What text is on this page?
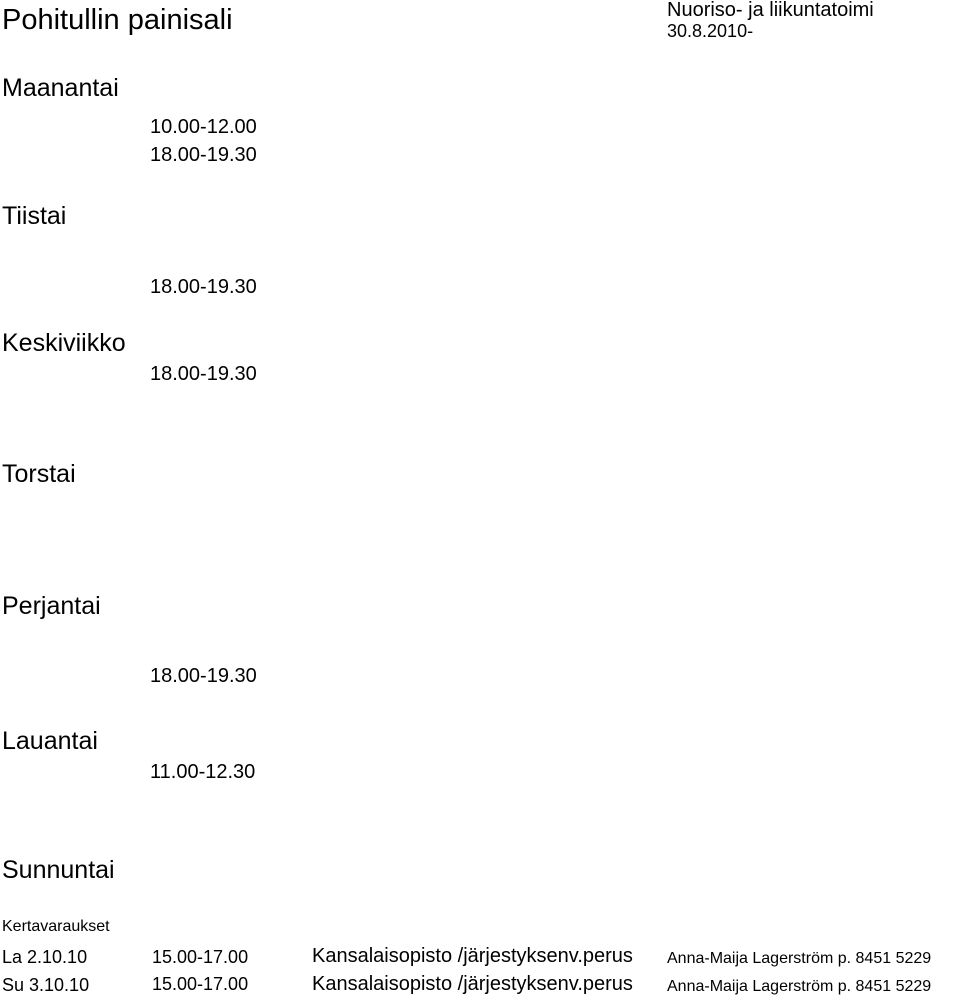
Pohitullin painisali	Nuoriso- ja liikuntatoimi
30.8.2010-
Maanantai
10.00-12.00
18.00-19.30
Tiistai
18.00-19.30
Keskiviikko
18.00-19.30
Torstai
Perjantai
18.00-19.30
Lauantai
11.00-12.30
Sunnuntai
Kertavaraukset
La 2.10.10	15.00-17.00	Kansalaisopisto /järjestyksenv.perus	Anna-Maija Lagerström p. 8451 5229
Su 3.10.10	15.00-17.00	Kansalaisopisto /järjestyksenv.perus	Anna-Maija Lagerström p. 8451 5229
